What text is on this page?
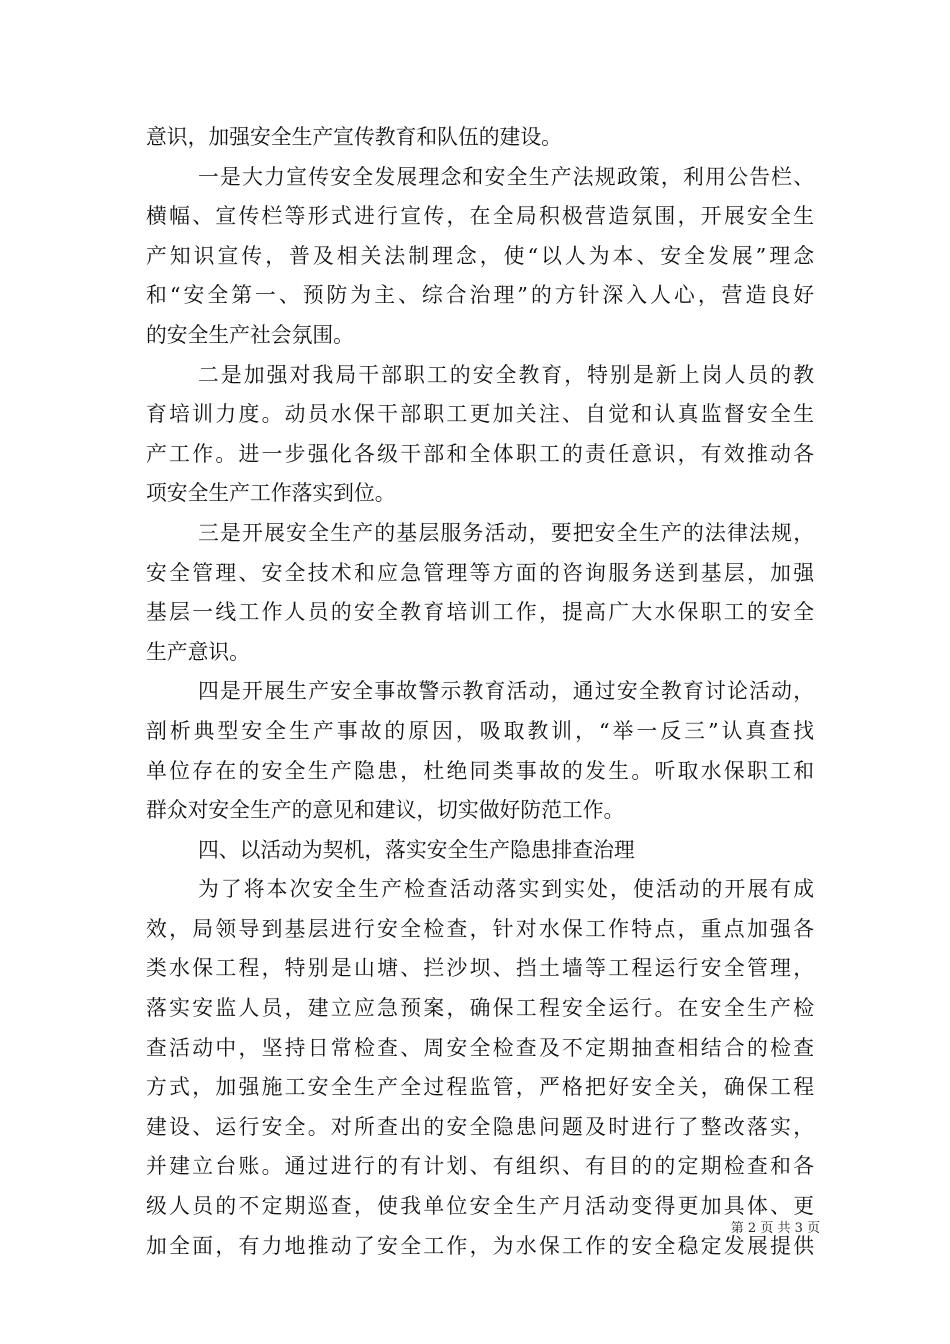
意识，加强安全生产宣传教育和队伍的建设。
一是大力宣传安全发展理念和安全生产法规政策，利用公告栏、
横幅、宣传栏等形式进行宣传，在全局积极营造氛围，开展安全生
产知识宣传，普及相关法制理念，使“以人为本、安全发展”理念
和“安全第一、预防为主、综合治理”的方针深入人心，营造良好
的安全生产社会氛围。
二是加强对我局干部职工的安全教育，特别是新上岗人员的教
育培训力度。动员水保干部职工更加关注、自觉和认真监督安全生
产工作。进一步强化各级干部和全体职工的责任意识，有效推动各
项安全生产工作落实到位。
三是开展安全生产的基层服务活动，要把安全生产的法律法规，
安全管理、安全技术和应急管理等方面的咨询服务送到基层，加强
基层一线工作人员的安全教育培训工作，提高广大水保职工的安全
生产意识。
四是开展生产安全事故警示教育活动，通过安全教育讨论活动，
剖析典型安全生产事故的原因，吸取教训，“举一反三”认真查找
单位存在的安全生产隐患，杜绝同类事故的发生。听取水保职工和
群众对安全生产的意见和建议，切实做好防范工作。
四、以活动为契机，落实安全生产隐患排查治理
为了将本次安全生产检查活动落实到实处，使活动的开展有成
效，局领导到基层进行安全检查，针对水保工作特点，重点加强各
类水保工程，特别是山塘、拦沙坝、挡土墙等工程运行安全管理，
落实安监人员，建立应急预案，确保工程安全运行。在安全生产检
查活动中，坚持日常检查、周安全检查及不定期抽查相结合的检查
方式，加强施工安全生产全过程监管，严格把好安全关，确保工程
建设、运行安全。对所查出的安全隐患问题及时进行了整改落实，
并建立台账。通过进行的有计划、有组织、有目的的定期检查和各
级人员的不定期巡查，使我单位安全生产月活动变得更加具体、更
加全面，有力地推动了安全工作，为水保工作的安全稳定发展提供
第 2 页 共 3 页
